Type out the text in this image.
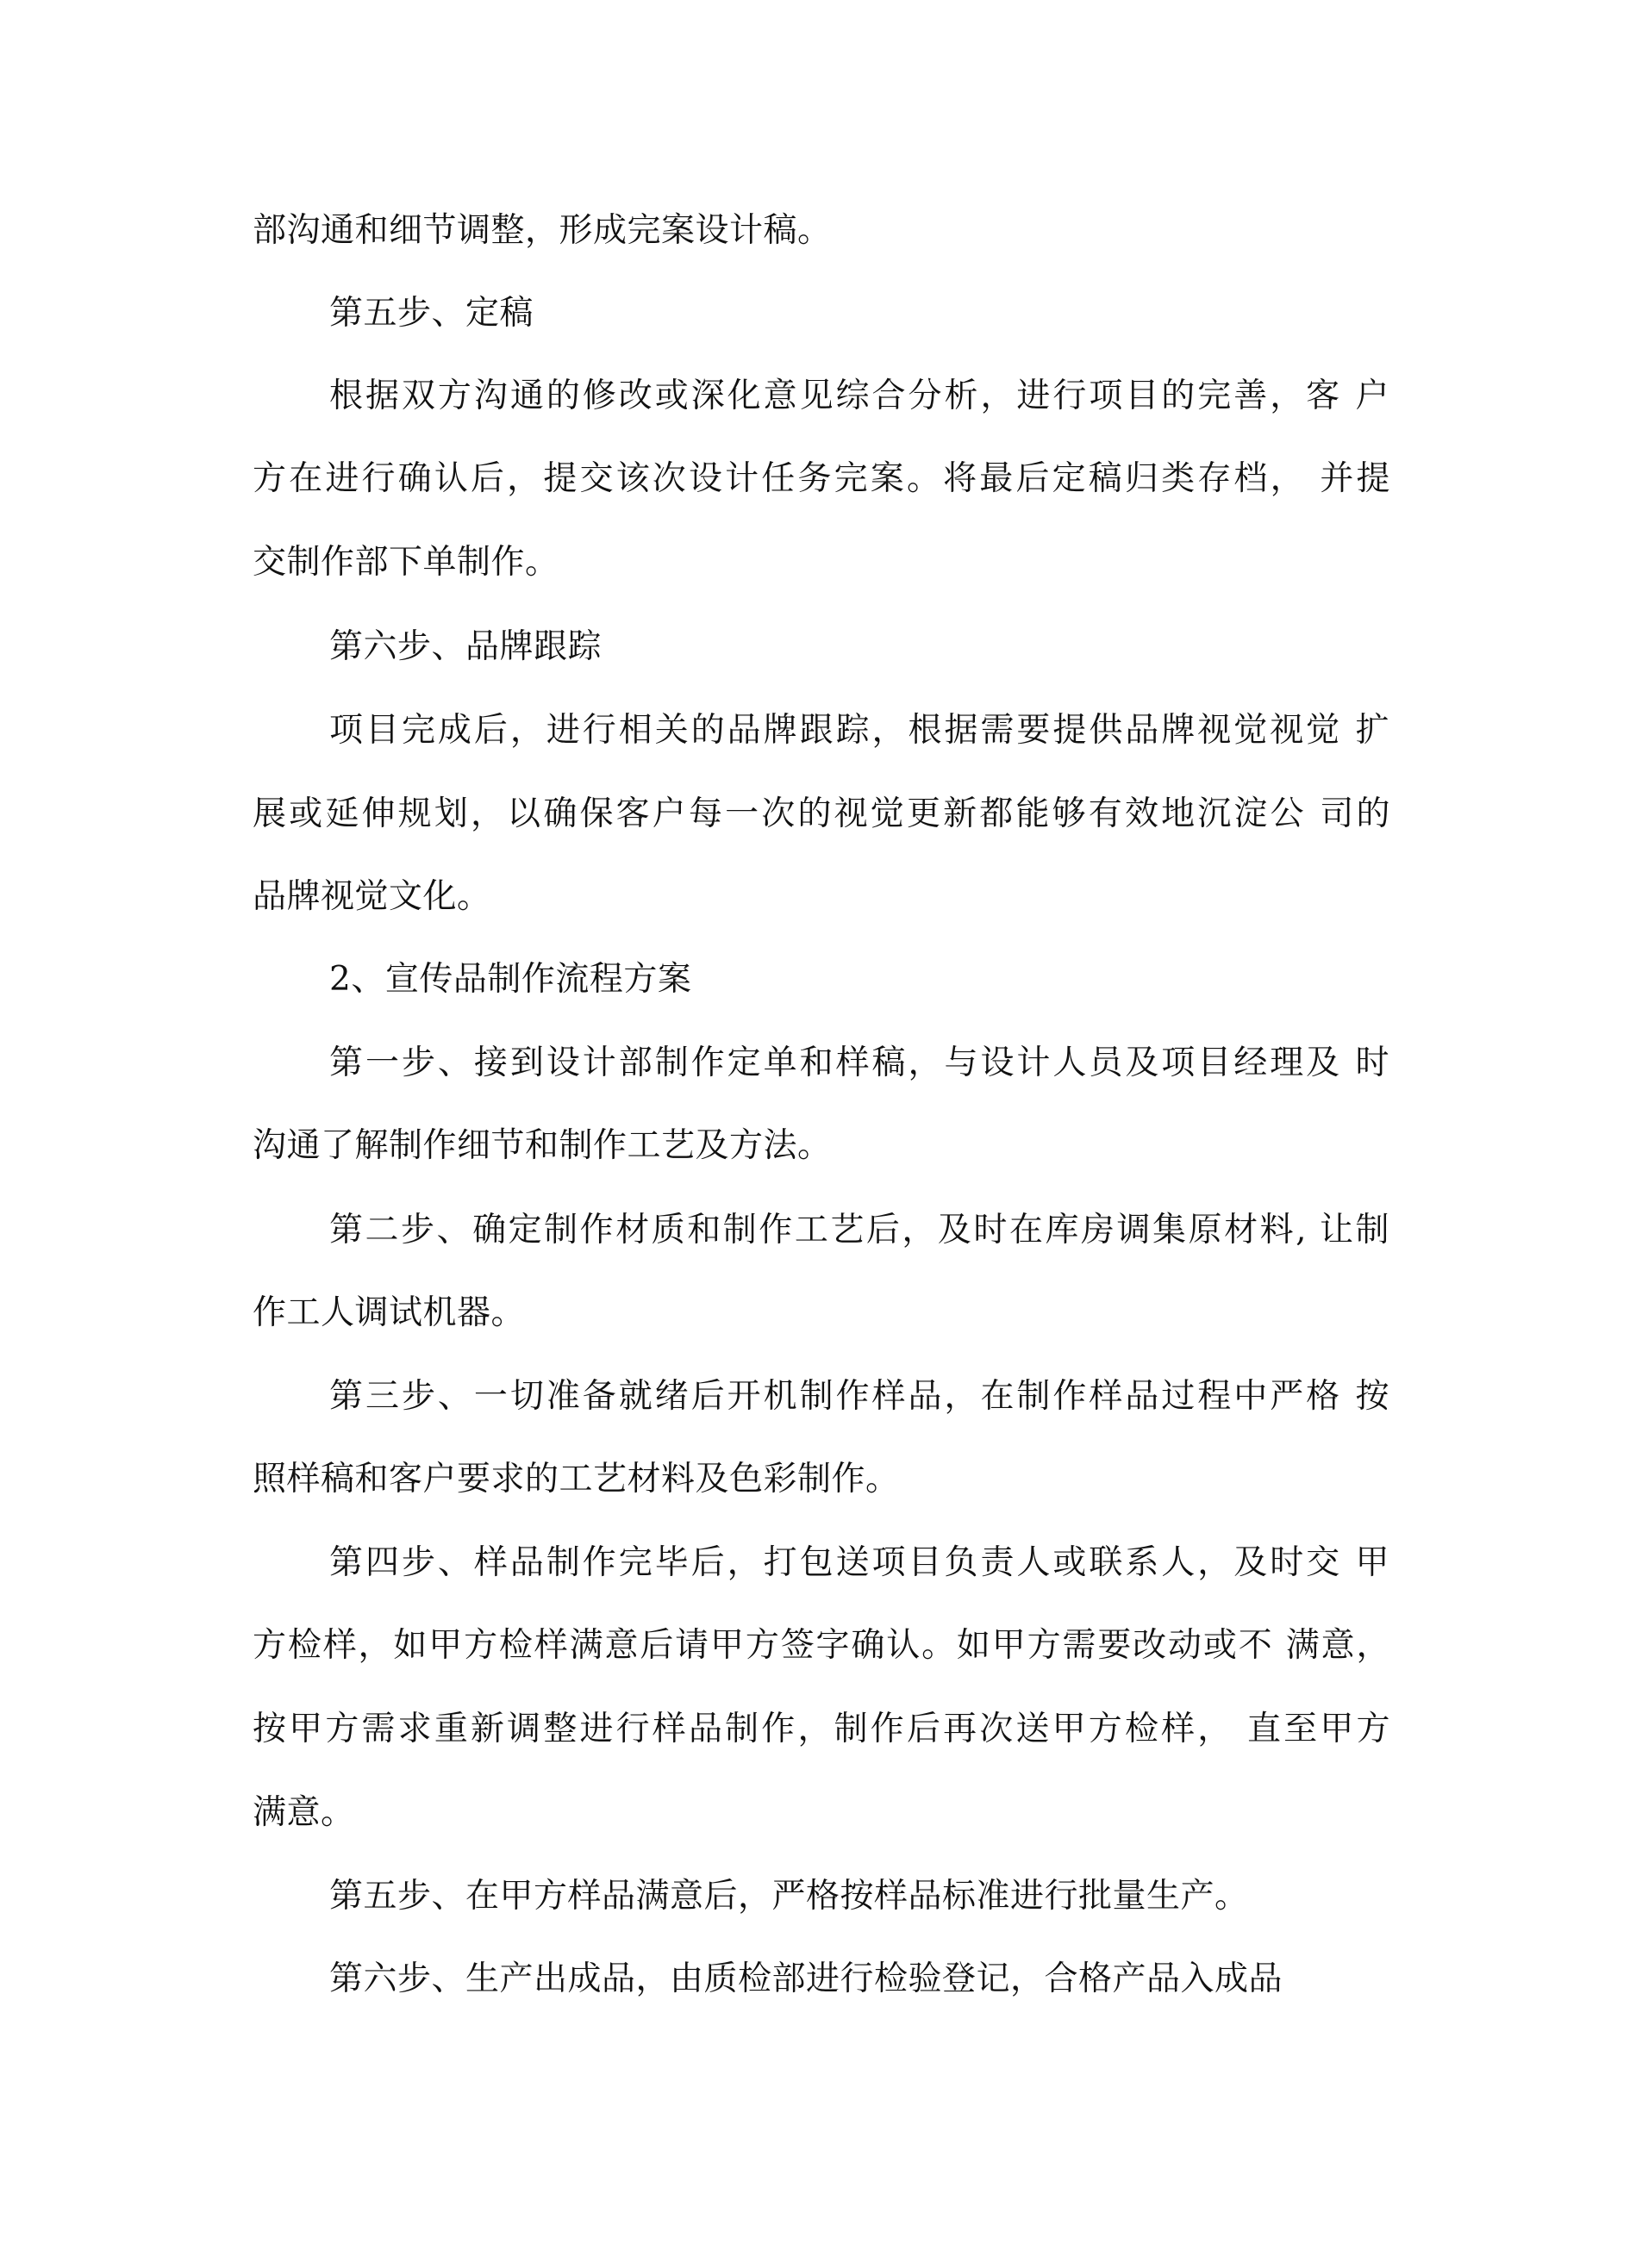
部沟通和细节调整，形成完案设计稿。
第五步、定稿
根据双方沟通的修改或深化意见综合分析，进行项目的完善，客 户
方在进行确认后，提交该次设计任务完案。将最后定稿归类存档， 并提
交制作部下单制作。
第六步、品牌跟踪
项目完成后，进行相关的品牌跟踪，根据需要提供品牌视觉视觉 扩
展或延伸规划，以确保客户每一次的视觉更新都能够有效地沉淀公 司的
品牌视觉文化。
2、宣传品制作流程方案
第一步、接到设计部制作定单和样稿，与设计人员及项目经理及 时
沟通了解制作细节和制作工艺及方法。
第二步、确定制作材质和制作工艺后，及时在库房调集原材料, 让制
作工人调试机器。
第三步、一切准备就绪后开机制作样品，在制作样品过程中严格 按
照样稿和客户要求的工艺材料及色彩制作。
第四步、样品制作完毕后，打包送项目负责人或联系人，及时交 甲
方检样，如甲方检样满意后请甲方签字确认。如甲方需要改动或不 满意，
按甲方需求重新调整进行样品制作，制作后再次送甲方检样， 直至甲方
满意。
第五步、在甲方样品满意后，严格按样品标准进行批量生产。
第六步、生产出成品，由质检部进行检验登记，合格产品入成品
